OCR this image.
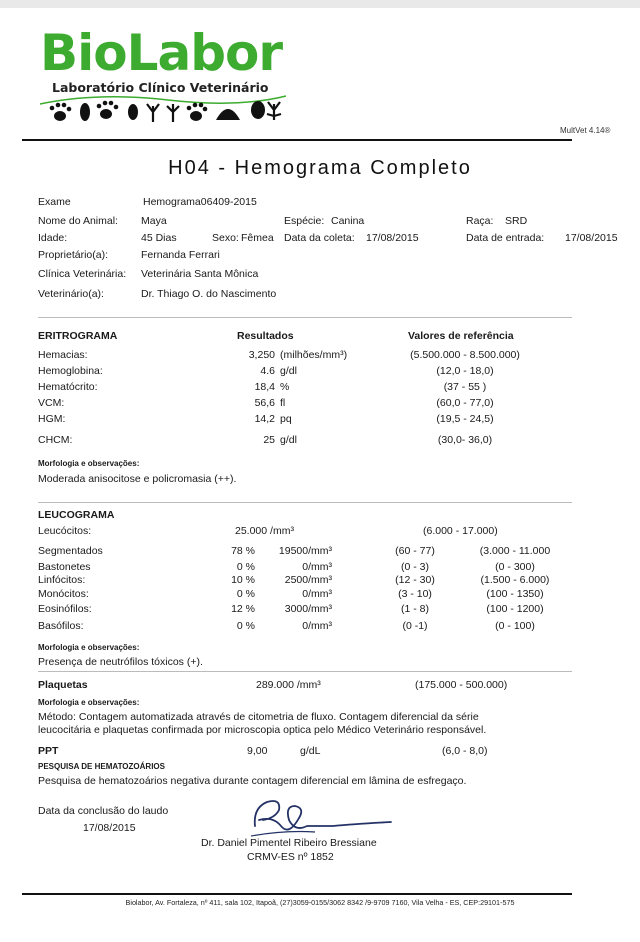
BioLabor
Laboratório Clínico Veterinário
MultVet 4.14®
H04 - Hemograma Completo
Exame	Hemograma06409-2015
Nome do Animal: Maya	Espécie: Canina	Raça: SRD
Idade:	45 Dias	Sexo: Fêmea Data da coleta: 17/08/2015	Data de entrada: 17/08/2015
Proprietário(a):	Fernanda Ferrari
Clínica Veterinária: Veterinária Santa Mônica
Veterinário(a):	Dr. Thiago O. do Nascimento
ERITROGRAMA	Resultados	Valores de referência
Hemacias:	3,250 (milhões/mm³)	(5.500.000 - 8.500.000)
Hemoglobina:	4.6 g/dl	(12,0 - 18,0)
Hematócrito:	18,4 %	(37 - 55 )
VCM:	56,6 fl	(60,0 - 77,0)
HGM:	14,2 pq	(19,5 - 24,5)
CHCM:	25 g/dl	(30,0- 36,0)
Morfologia e observações:
Moderada anisocitose e policromasia (++).
LEUCOGRAMA
Leucócitos:	25.000 /mm³	(6.000 - 17.000)
Segmentados	78 %	19500/mm³	(60 - 77)	(3.000 - 11.000
Bastonetes	0 %	0/mm³	(0 - 3)	(0 - 300)
Linfócitos:	10 %	2500/mm³	(12 - 30)	(1.500 - 6.000)
Monócitos:	0 %	0/mm³	(3 - 10)	(100 - 1350)
Eosinófilos:	12 %	3000/mm³	(1 - 8)	(100 - 1200)
Basófilos:	0 %	0/mm³	(0 -1)	(0 - 100)
Morfologia e observações:
Presença de neutrófilos tóxicos (+).
Plaquetas	289.000 /mm³	(175.000 - 500.000)
Morfologia e observações:
Método: Contagem automatizada através de citometria de fluxo. Contagem diferencial da série
leucocitária e plaquetas confirmada por microscopia optica pelo Médico Veterinário responsável.
PPT	9,00	g/dL	(6,0 - 8,0)
PESQUISA DE HEMATOZOÁRIOS
Pesquisa de hematozoários negativa durante contagem diferencial em lâmina de esfregaço.
Data da conclusão do laudo
17/08/2015
Dr. Daniel Pimentel Ribeiro Bressiane
CRMV-ES nº 1852
Biolabor, Av. Fortaleza, nº 411, sala 102, Itapoã, (27)3059-0155/3062 8342 /9-9709 7160, Vila Velha - ES, CEP:29101-575
